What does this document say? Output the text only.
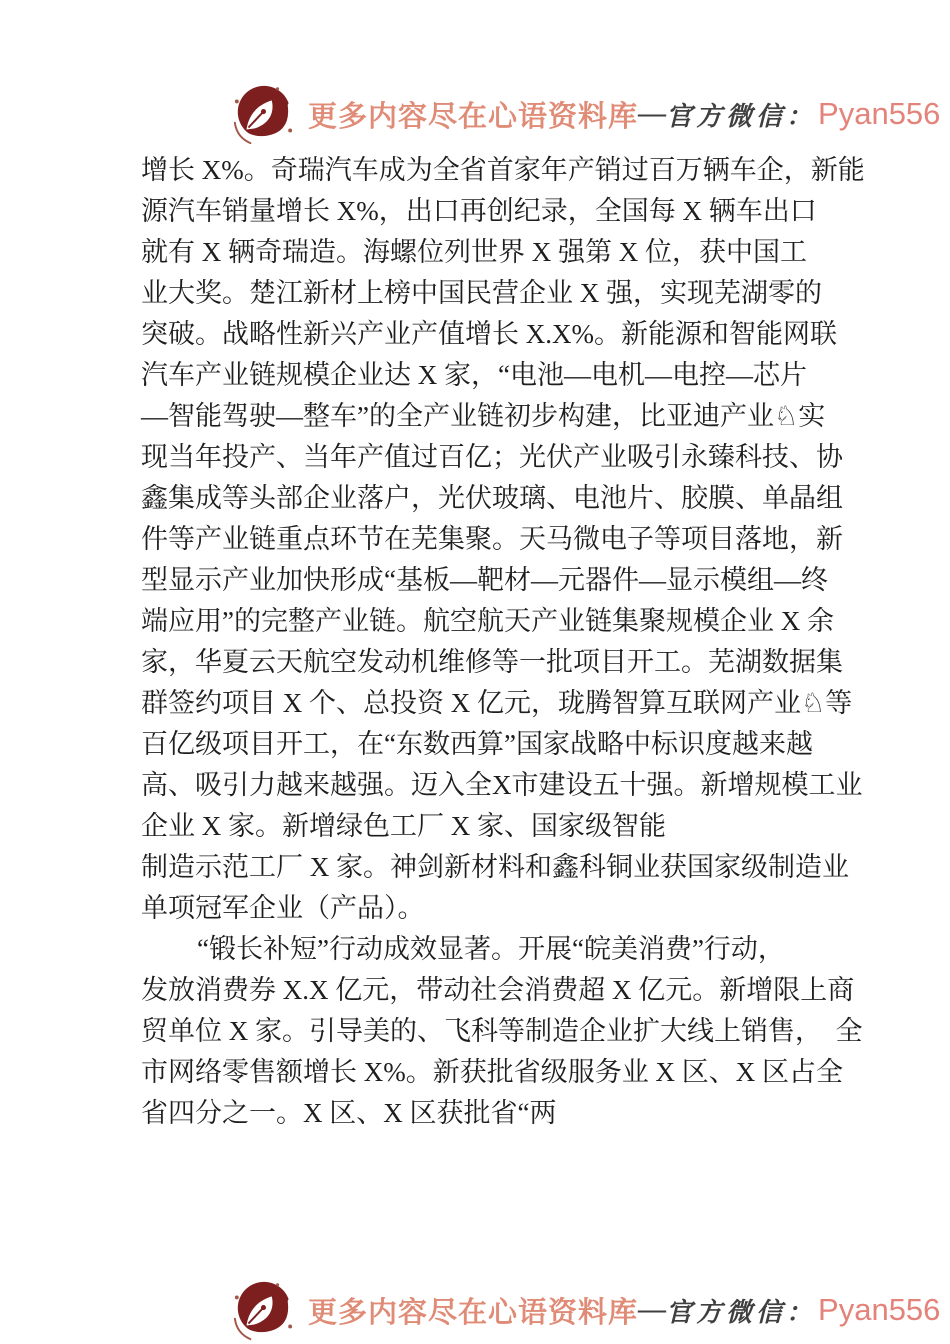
更多内容尽在心语资料库 — 官方微信： Pyan556
增长 X%。奇瑞汽车成为全省首家年产销过百万辆车企，新能
源汽车销量增长 X%，出口再创纪录，全国每 X 辆车出口
就有 X 辆奇瑞造。海螺位列世界 X 强第 X 位，获中国工
业大奖。楚江新材上榜中国民营企业 X 强，实现芜湖零的
突破。战略性新兴产业产值增长 X.X%。新能源和智能网联
汽车产业链规模企业达 X 家，“电池—电机—电控—芯片
—智能驾驶—整车”的全产业链初步构建，比亚迪产业♘实
现当年投产、当年产值过百亿；光伏产业吸引永臻科技、协
鑫集成等头部企业落户，光伏玻璃、电池片、胶膜、单晶组
件等产业链重点环节在芜集聚。天马微电子等项目落地，新
型显示产业加快形成“基板—靶材—元器件—显示模组—终
端应用”的完整产业链。航空航天产业链集聚规模企业 X 余
家，华夏云天航空发动机维修等一批项目开工。芜湖数据集
群签约项目 X 个、总投资 X 亿元，珑腾智算互联网产业♘等
百亿级项目开工，在“东数西算”国家战略中标识度越来越
高、吸引力越来越强。迈入全X市建设五十强。新增规模工业
企业 X 家。新增绿色工厂 X 家、国家级智能
制造示范工厂 X 家。神剑新材料和鑫科铜业获国家级制造业
单项冠军企业（产品）。
“锻长补短”行动成效显著。开展“皖美消费”行动，
发放消费券 X.X 亿元，带动社会消费超 X 亿元。新增限上商
贸单位 X 家。引导美的、飞科等制造企业扩大线上销售，　全
市网络零售额增长 X%。新获批省级服务业 X 区、X 区占全
省四分之一。X 区、X 区获批省“两
更多内容尽在心语资料库 — 官方微信： Pyan556
